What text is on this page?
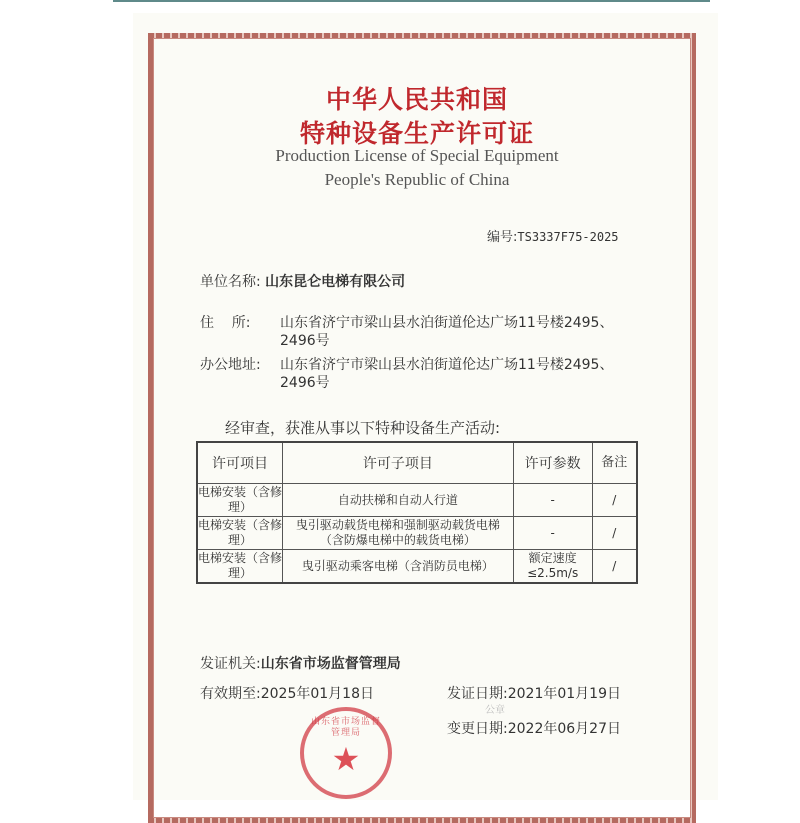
中华人民共和国
特种设备生产许可证
Production License of Special Equipment
People's Republic of China
编号:TS3337F75-2025
单位名称: 山东昆仑电梯有限公司
住    所: 山东省济宁市梁山县水泊街道伦达广场11号楼2495、
2496号
办公地址: 山东省济宁市梁山县水泊街道伦达广场11号楼2495、
2496号
经审查，获准从事以下特种设备生产活动:
许可项目	许可子项目	许可参数	备注
电梯安装（含修理）	自动扶梯和自动人行道	-	/
电梯安装（含修理）	曳引驱动载货电梯和强制驱动载货电梯（含防爆电梯中的载货电梯）	-	/
电梯安装（含修理）	曳引驱动乘客电梯（含消防员电梯）	额定速度≤2.5m/s	/
发证机关:山东省市场监督管理局
有效期至:2025年01月18日	发证日期:2021年01月19日
变更日期:2022年06月27日
公章
山东省市场监督管理局
★
